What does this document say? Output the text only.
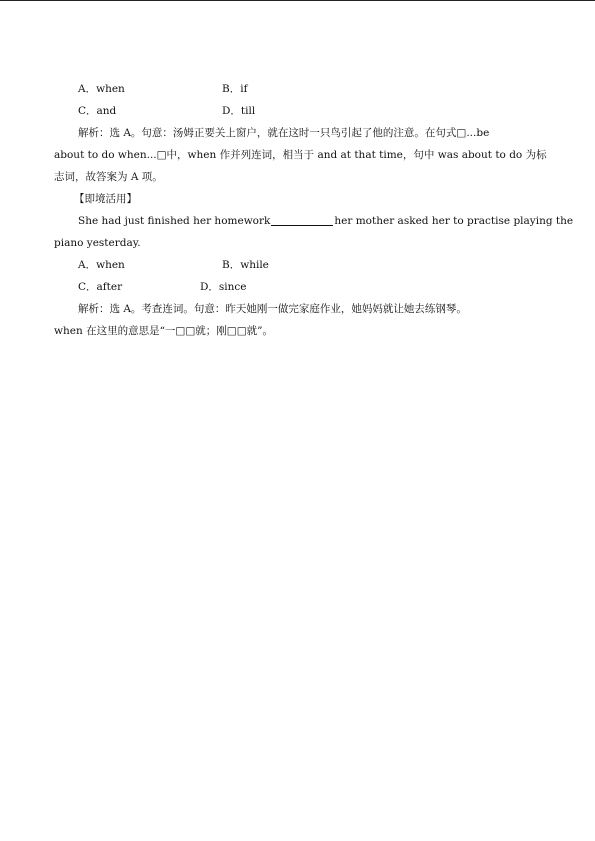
A．when	B．if
C．and	D．till
解析：选 A。句意：汤姆正要关上窗户，就在这时一只鸟引起了他的注意。在句式□...be
about to do when...□中，when 作并列连词，相当于 and at that time，句中 was about to do 为标
志词，故答案为 A 项。
【即境活用】
She had just finished her homework	her mother asked her to practise playing the
piano yesterday.
A．when	B．while
C．after	D．since
解析：选 A。考查连词。句意：昨天她刚一做完家庭作业，她妈妈就让她去练钢琴。
when 在这里的意思是“一□□就；刚□□就”。
